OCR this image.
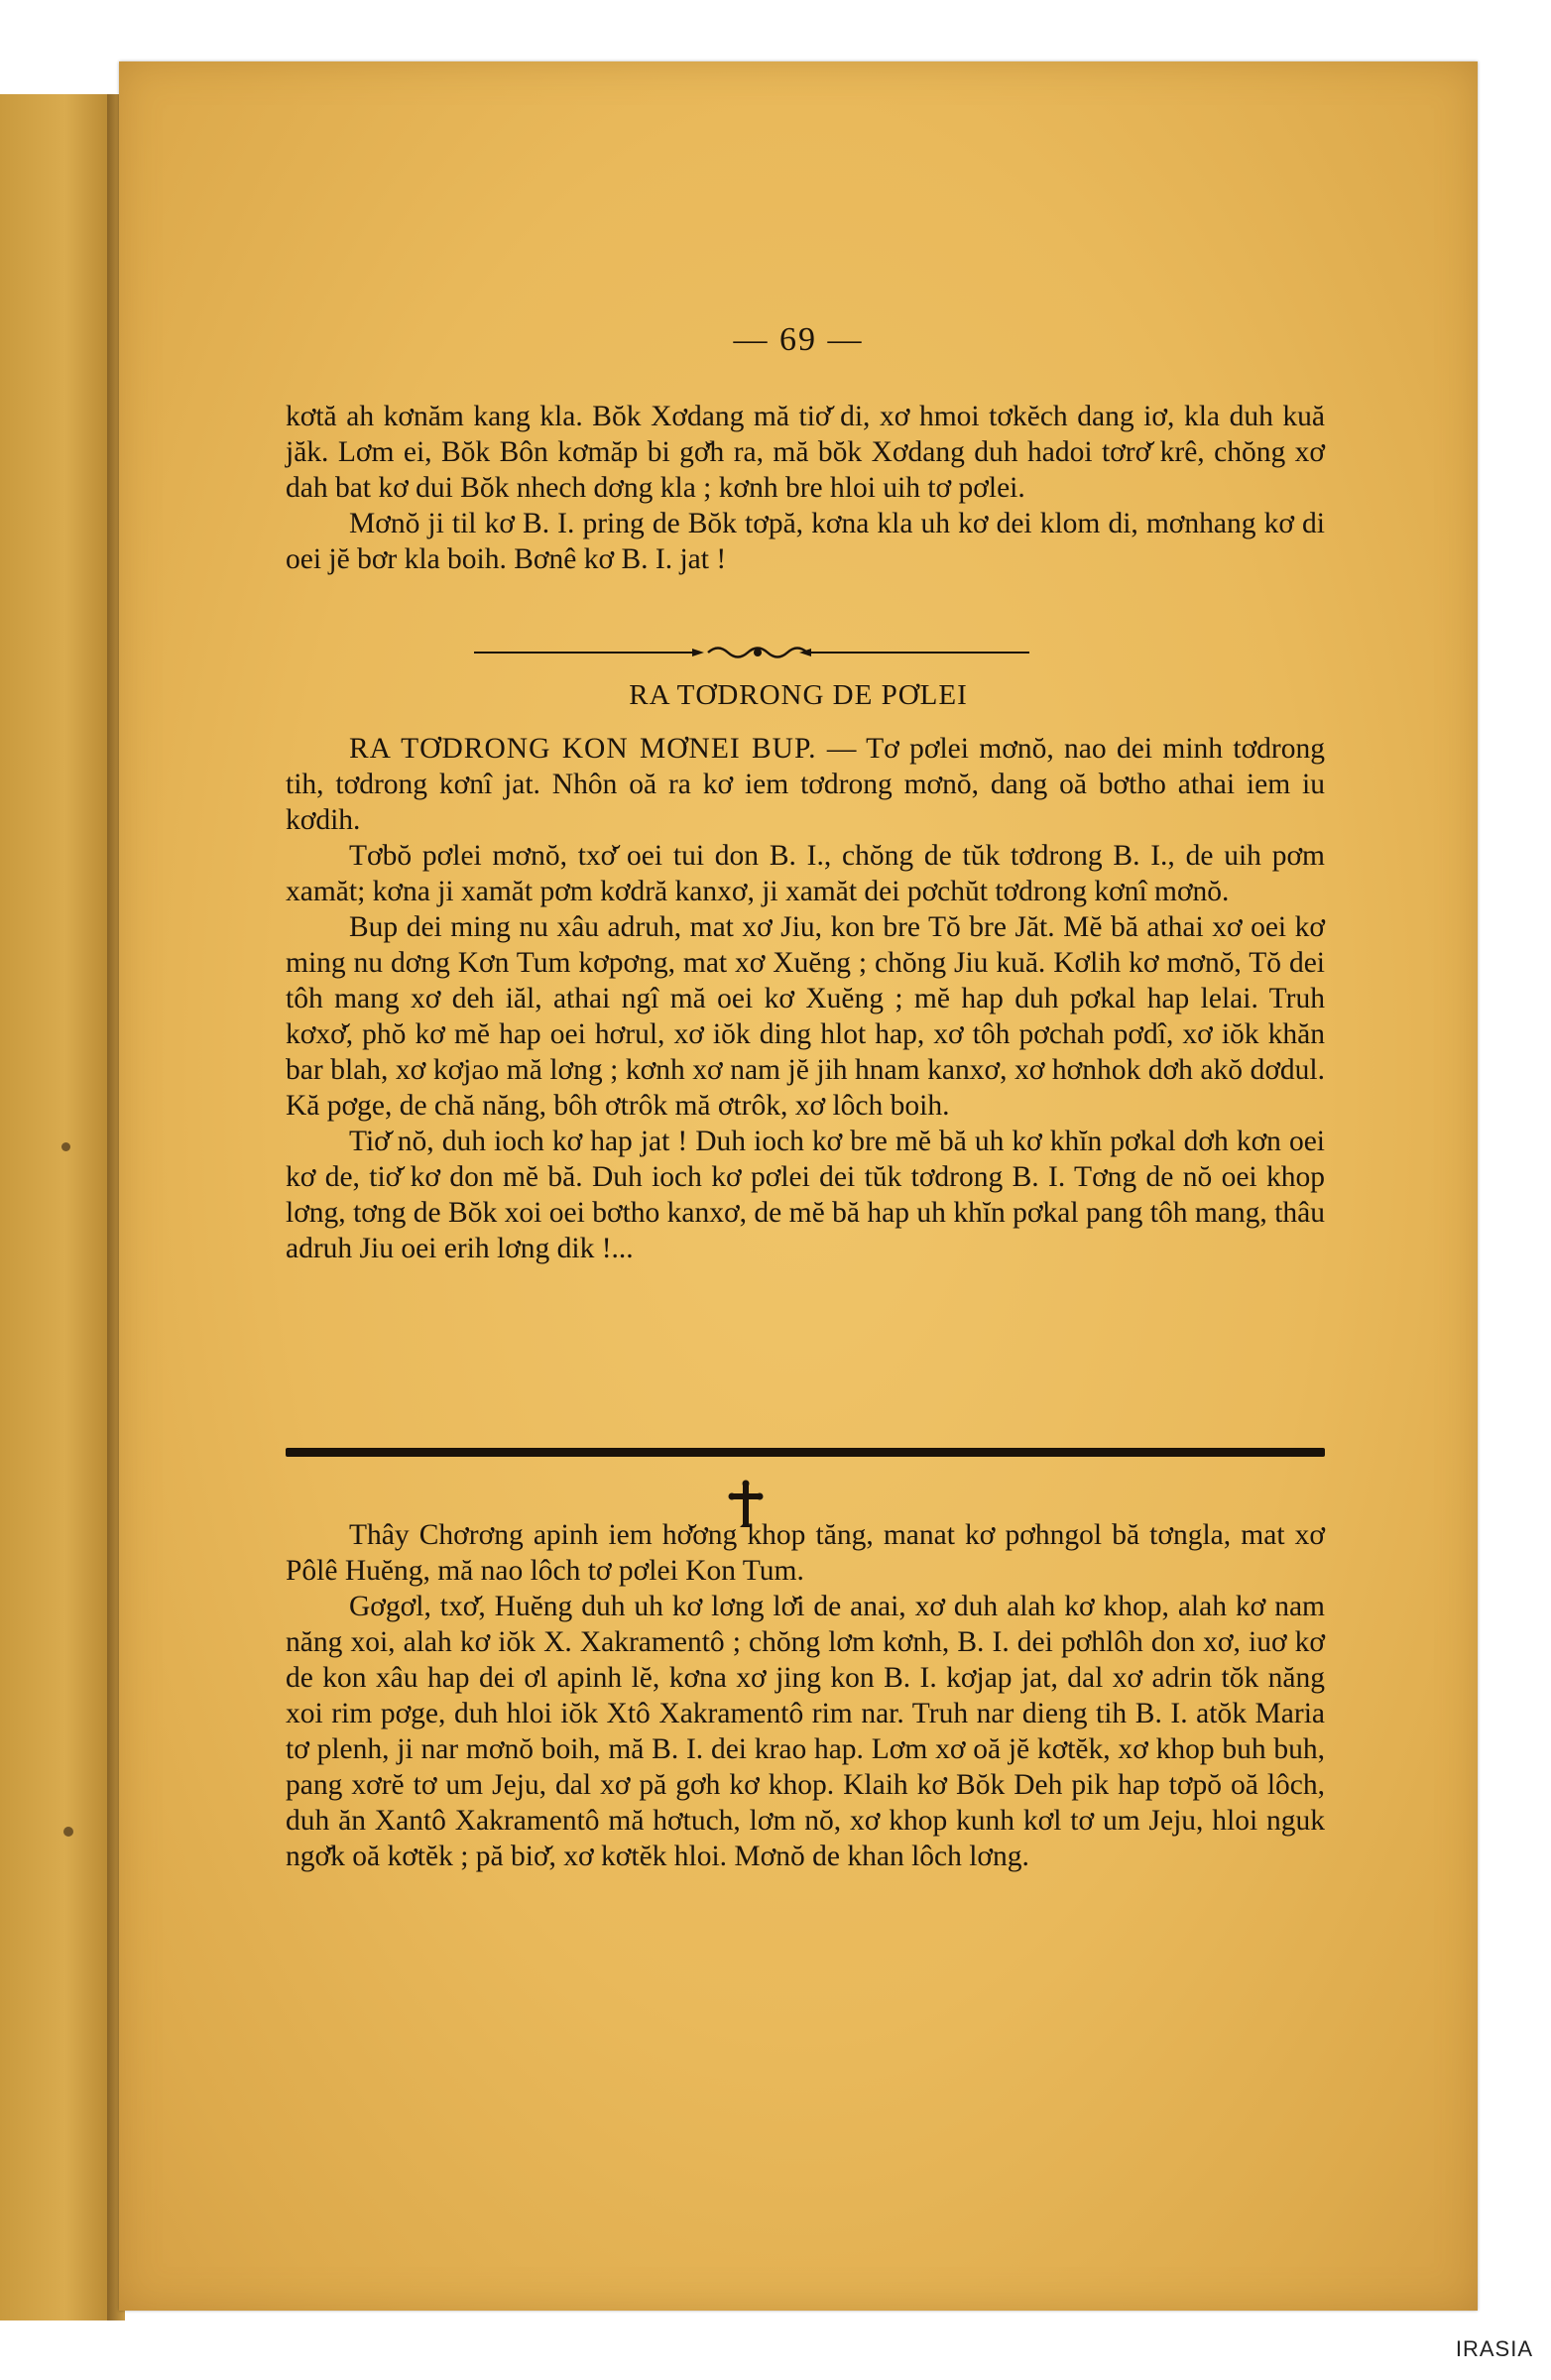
— 69 —

kơtă ah kơnăm kang kla. Bŏk Xơdang mă tiơ̆ di, xơ hmoi tơkĕch dang iơ, kla duh kuă jăk. Lơm ei, Bŏk Bôn kơmăp bi gơ̆h ra, mă bŏk Xơdang duh hadoi tơrơ̆ krê, chŏng xơ dah bat kơ dui Bŏk nhech dơng kla ; kơnh bre hloi uih tơ pơlei.

Mơnŏ ji til kơ B. I. pring de Bŏk tơpă, kơna kla uh kơ dei klom di, mơnhang kơ di oei jĕ bơr kla boih. Bơnê kơ B. I. jat !

RA TƠDRONG DE PƠLEI

RA TƠDRONG KON MƠNEI BUP. — Tơ pơlei mơnŏ, nao dei minh tơdrong tih, tơdrong kơnî jat. Nhôn oă ra kơ iem tơdrong mơnŏ, dang oă bơtho athai iem iu kơdih.

Tơbŏ pơlei mơnŏ, txơ̆ oei tui don B. I., chŏng de tŭk tơdrong B. I., de uih pơm xamăt; kơna ji xamăt pơm kơdră kanxơ, ji xamăt dei pơchŭt tơdrong kơnî mơnŏ.

Bup dei ming nu xâu adruh, mat xơ Jiu, kon bre Tŏ bre Jăt. Mĕ bă athai xơ oei kơ ming nu dơng Kơn Tum kơpơng, mat xơ Xuĕng ; chŏng Jiu kuă. Kơlih kơ mơnŏ, Tŏ dei tôh mang xơ deh iăl, athai ngî mă oei kơ Xuĕng ; mĕ hap duh pơkal hap lelai. Truh kơxơ̆, phŏ kơ mĕ hap oei hơrul, xơ iŏk ding hlot hap, xơ tôh pơchah pơdî, xơ iŏk khăn bar blah, xơ kơjao mă lơng ; kơnh xơ nam jĕ jih hnam kanxơ, xơ hơnhok dơh akŏ dơdul. Kă pơge, de chă năng, bôh ơtrôk mă ơtrôk, xơ lôch boih.

Tiơ̆ nŏ, duh ioch kơ hap jat ! Duh ioch kơ bre mĕ bă uh kơ khĭn pơkal dơh kơn oei kơ de, tiơ̆ kơ don mĕ bă. Duh ioch kơ pơlei dei tŭk tơdrong B. I. Tơng de nŏ oei khop lơng, tơng de Bŏk xoi oei bơtho kanxơ, de mĕ bă hap uh khĭn pơkal pang tôh mang, thâu adruh Jiu oei erih lơng dik !...

Thây Chơrơng apinh iem hơ̆ơng khop tăng, manat kơ pơhngol bă tơngla, mat xơ Pôlê Huĕng, mă nao lôch tơ pơlei Kon Tum.

Gơgơl, txơ̆, Huĕng duh uh kơ lơng lơ̆i de anai, xơ duh alah kơ khop, alah kơ nam năng xoi, alah kơ iŏk X. Xakramentô ; chŏng lơm kơnh, B. I. dei pơhlôh don xơ, iuơ kơ de kon xâu hap dei ơl apinh lĕ, kơna xơ jing kon B. I. kơjap jat, dal xơ adrin tŏk năng xoi rim pơge, duh hloi iŏk Xtô Xakramentô rim nar. Truh nar dieng tih B. I. atŏk Maria tơ plenh, ji nar mơnŏ boih, mă B. I. dei krao hap. Lơm xơ oă jĕ kơtĕk, xơ khop buh buh, pang xơrĕ tơ um Jeju, dal xơ pă gơh kơ khop. Klaih kơ Bŏk Deh pik hap tơpŏ oă lôch, duh ăn Xantô Xakramentô mă hơtuch, lơm nŏ, xơ khop kunh kơl tơ um Jeju, hloi nguk ngơ̆k oă kơtĕk ; pă biơ̆, xơ kơtĕk hloi. Mơnŏ de khan lôch lơng.

IRASIA
